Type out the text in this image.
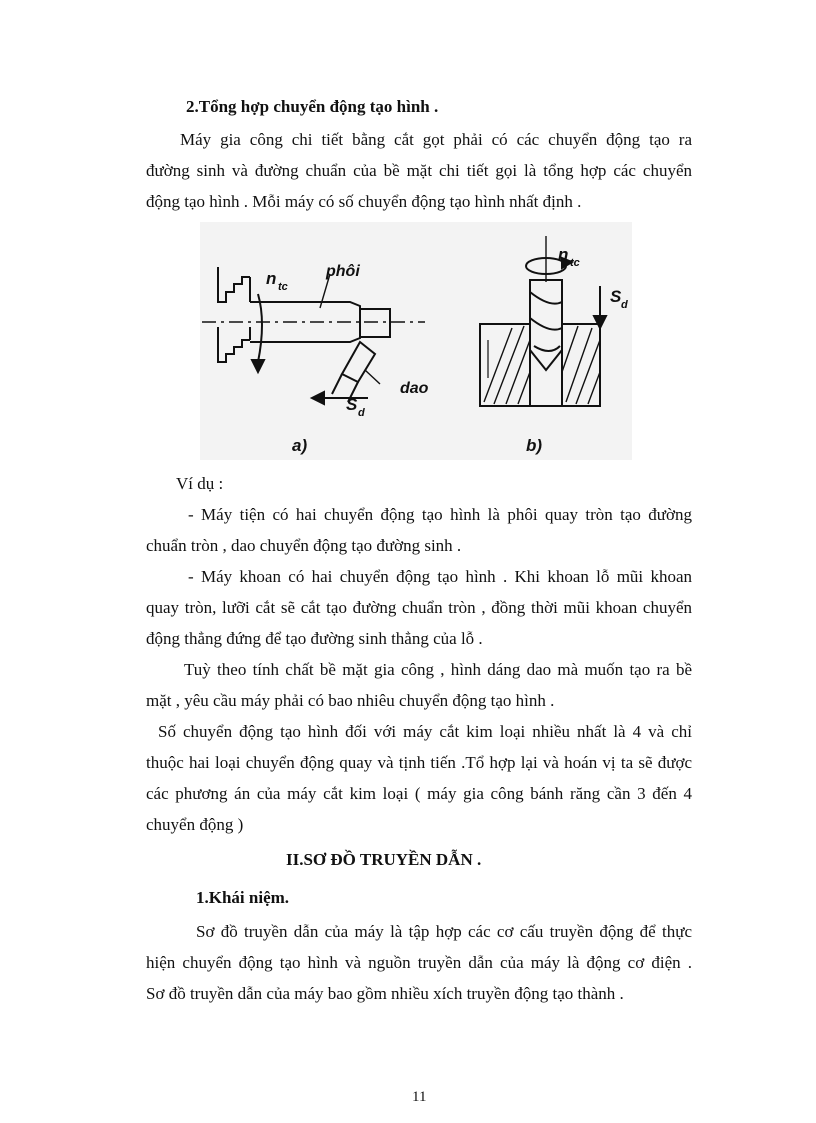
2.Tổng hợp chuyển động tạo hình .
Máy gia công chi tiết bằng cắt gọt phải có các chuyển động tạo ra
đường sinh và đường chuẩn của bề mặt chi tiết gọi là tổng hợp các chuyển
động tạo hình . Mỗi máy có số chuyển động tạo hình nhất định .
n tc
phôi
dao
S d
a)
n tc
S d
b)
Ví dụ :
- Máy tiện có hai chuyển động tạo hình là phôi quay tròn tạo đường
chuẩn tròn , dao chuyển động tạo đường sinh .
- Máy khoan có hai chuyển động tạo hình . Khi khoan lỗ mũi khoan
quay tròn, lưỡi cắt sẽ cắt tạo đường chuẩn tròn , đồng thời mũi khoan chuyển
động thẳng đứng để tạo đường sinh thẳng của lỗ .
Tuỳ theo tính chất bề mặt gia công , hình dáng dao mà muốn tạo ra bề
mặt , yêu cầu máy phải có bao nhiêu chuyển động tạo hình .
Số chuyển động tạo hình đối với máy cắt kim loại nhiều nhất là 4 và chỉ
thuộc hai loại chuyển động quay và tịnh tiến .Tổ hợp lại và hoán vị ta sẽ được
các phương án của máy cắt kim loại ( máy gia công bánh răng cần 3 đến 4
chuyển động )
II.SƠ ĐỒ TRUYỀN DẪN .
1.Khái niệm.
Sơ đồ truyền dẫn của máy là tập hợp các cơ cấu truyền động để thực
hiện chuyển động tạo hình và nguồn truyền dẫn của máy là động cơ điện .
Sơ đồ truyền dẫn của máy bao gồm nhiều xích truyền động tạo thành .
11
